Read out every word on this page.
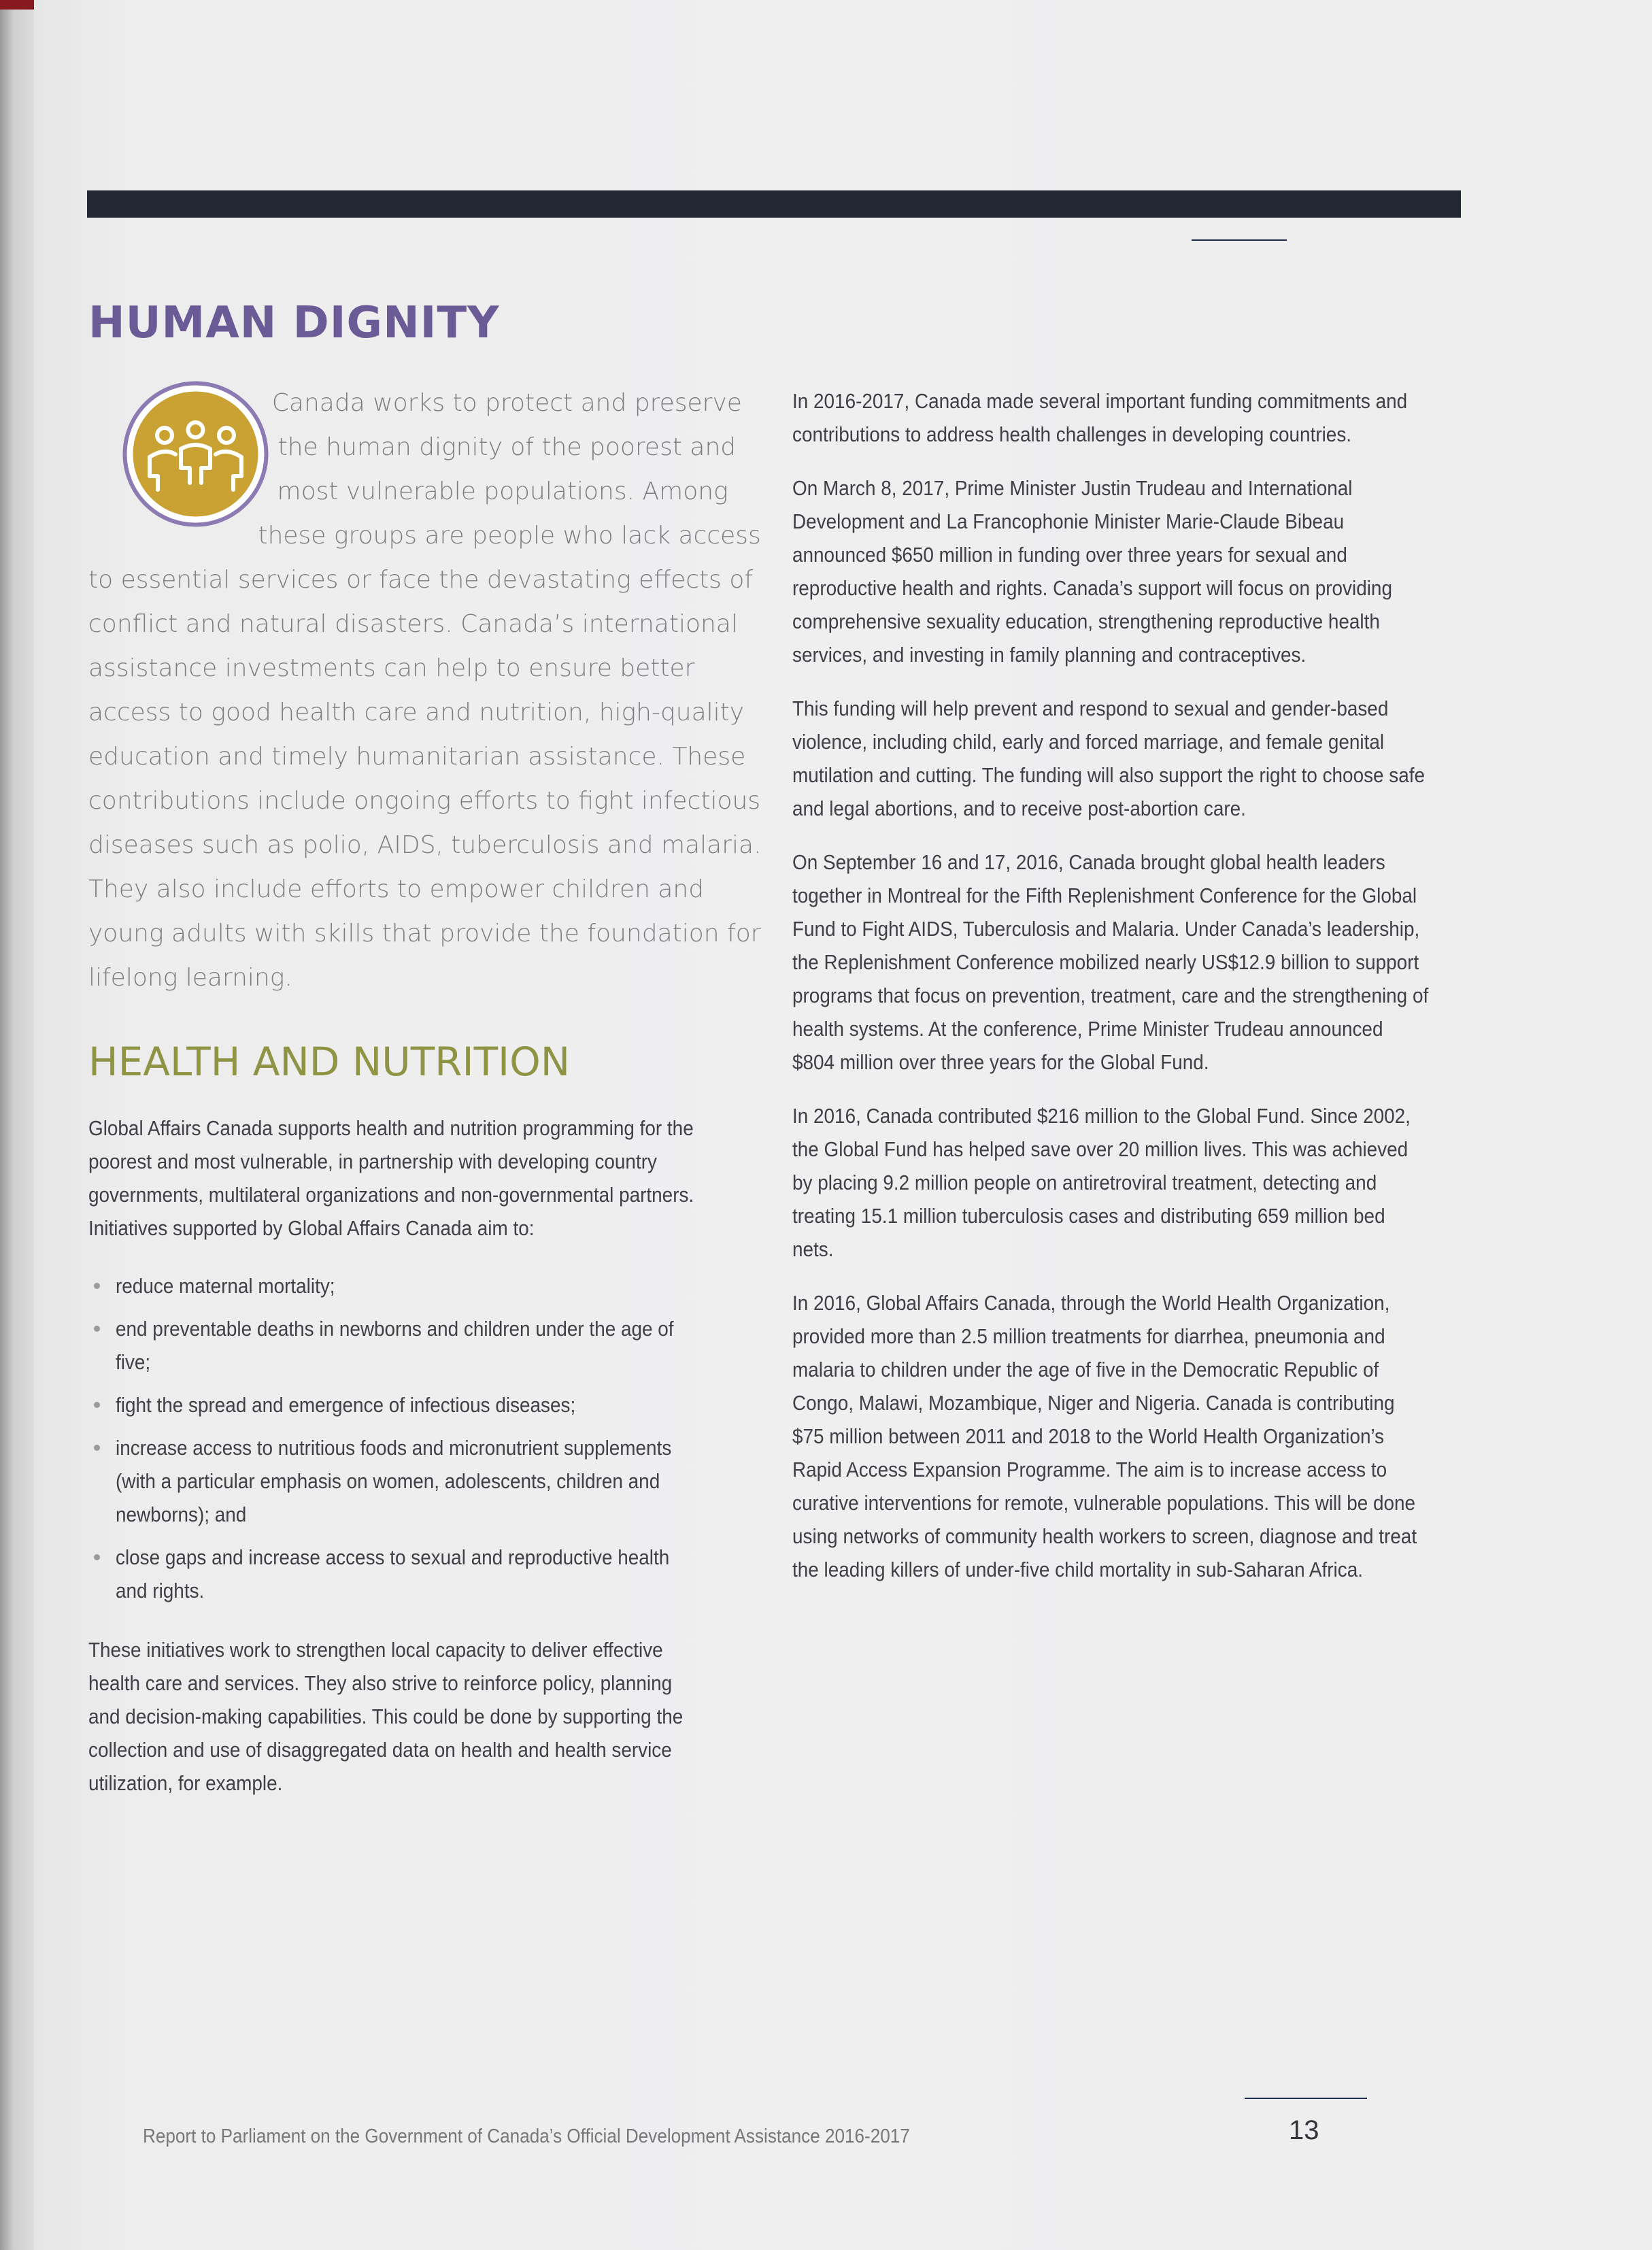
HUMAN DIGNITY

Canada works to protect and preserve the human dignity of the poorest and most vulnerable populations. Among these groups are people who lack access to essential services or face the devastating effects of conflict and natural disasters. Canada’s international assistance investments can help to ensure better access to good health care and nutrition, high-quality education and timely humanitarian assistance. These contributions include ongoing efforts to fight infectious diseases such as polio, AIDS, tuberculosis and malaria. They also include efforts to empower children and young adults with skills that provide the foundation for lifelong learning.

HEALTH AND NUTRITION

Global Affairs Canada supports health and nutrition programming for the poorest and most vulnerable, in partnership with developing country governments, multilateral organizations and non-governmental partners. Initiatives supported by Global Affairs Canada aim to:

reduce maternal mortality;
end preventable deaths in newborns and children under the age of five;
fight the spread and emergence of infectious diseases;
increase access to nutritious foods and micronutrient supplements (with a particular emphasis on women, adolescents, children and newborns); and
close gaps and increase access to sexual and reproductive health and rights.

These initiatives work to strengthen local capacity to deliver effective health care and services. They also strive to reinforce policy, planning and decision-making capabilities. This could be done by supporting the collection and use of disaggregated data on health and health service utilization, for example.

In 2016-2017, Canada made several important funding commitments and contributions to address health challenges in developing countries.

On March 8, 2017, Prime Minister Justin Trudeau and International Development and La Francophonie Minister Marie-Claude Bibeau announced $650 million in funding over three years for sexual and reproductive health and rights. Canada’s support will focus on providing comprehensive sexuality education, strengthening reproductive health services, and investing in family planning and contraceptives.

This funding will help prevent and respond to sexual and gender-based violence, including child, early and forced marriage, and female genital mutilation and cutting. The funding will also support the right to choose safe and legal abortions, and to receive post-abortion care.

On September 16 and 17, 2016, Canada brought global health leaders together in Montreal for the Fifth Replenishment Conference for the Global Fund to Fight AIDS, Tuberculosis and Malaria. Under Canada’s leadership, the Replenishment Conference mobilized nearly US$12.9 billion to support programs that focus on prevention, treatment, care and the strengthening of health systems. At the conference, Prime Minister Trudeau announced $804 million over three years for the Global Fund.

In 2016, Canada contributed $216 million to the Global Fund. Since 2002, the Global Fund has helped save over 20 million lives. This was achieved by placing 9.2 million people on antiretroviral treatment, detecting and treating 15.1 million tuberculosis cases and distributing 659 million bed nets.

In 2016, Global Affairs Canada, through the World Health Organization, provided more than 2.5 million treatments for diarrhea, pneumonia and malaria to children under the age of five in the Democratic Republic of Congo, Malawi, Mozambique, Niger and Nigeria. Canada is contributing $75 million between 2011 and 2018 to the World Health Organization’s Rapid Access Expansion Programme. The aim is to increase access to curative interventions for remote, vulnerable populations. This will be done using networks of community health workers to screen, diagnose and treat the leading killers of under-five child mortality in sub-Saharan Africa.

Report to Parliament on the Government of Canada’s Official Development Assistance 2016-2017	13
